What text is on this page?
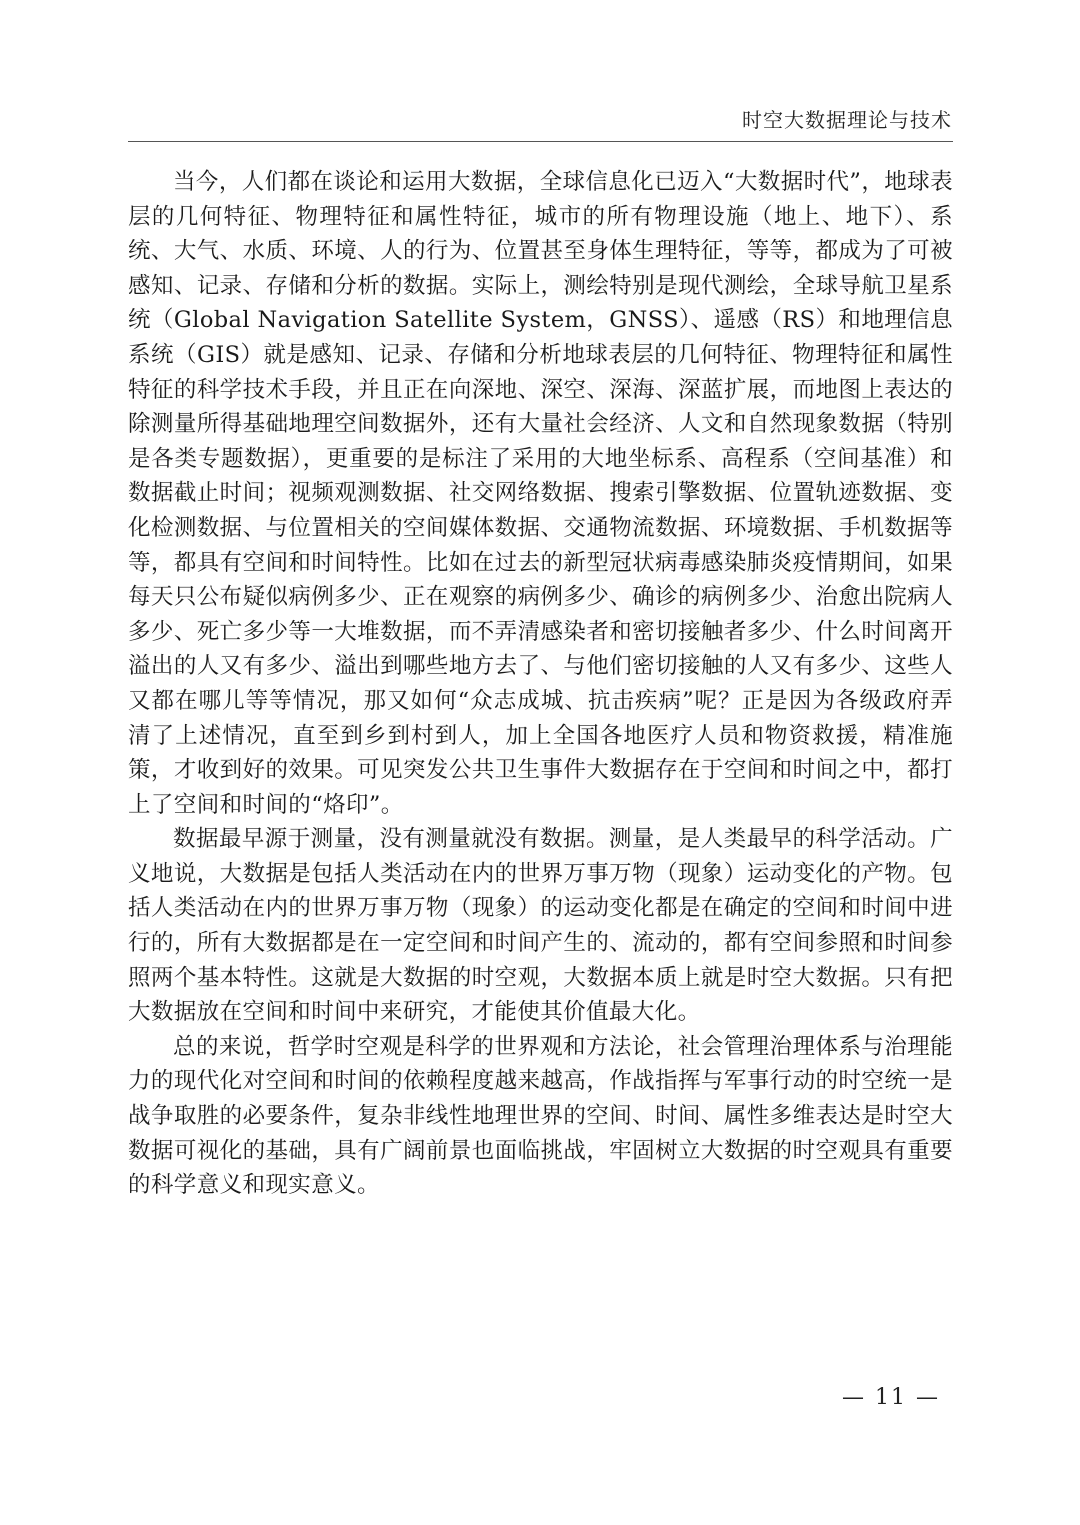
时空大数据理论与技术

当今，人们都在谈论和运用大数据，全球信息化已迈入“大数据时代”，地球表层的几何特征、物理特征和属性特征，城市的所有物理设施（地上、地下）、系统、大气、水质、环境、人的行为、位置甚至身体生理特征，等等，都成为了可被感知、记录、存储和分析的数据。实际上，测绘特别是现代测绘，全球导航卫星系统（Global Navigation Satellite System，GNSS）、遥感（RS）和地理信息系统（GIS）就是感知、记录、存储和分析地球表层的几何特征、物理特征和属性特征的科学技术手段，并且正在向深地、深空、深海、深蓝扩展，而地图上表达的除测量所得基础地理空间数据外，还有大量社会经济、人文和自然现象数据（特别是各类专题数据），更重要的是标注了采用的大地坐标系、高程系（空间基准）和数据截止时间；视频观测数据、社交网络数据、搜索引擎数据、位置轨迹数据、变化检测数据、与位置相关的空间媒体数据、交通物流数据、环境数据、手机数据等等，都具有空间和时间特性。比如在过去的新型冠状病毒感染肺炎疫情期间，如果每天只公布疑似病例多少、正在观察的病例多少、确诊的病例多少、治愈出院病人多少、死亡多少等一大堆数据，而不弄清感染者和密切接触者多少、什么时间离开溢出的人又有多少、溢出到哪些地方去了、与他们密切接触的人又有多少、这些人又都在哪儿等等情况，那又如何“众志成城、抗击疾病”呢？正是因为各级政府弄清了上述情况，直至到乡到村到人，加上全国各地医疗人员和物资救援，精准施策，才收到好的效果。可见突发公共卫生事件大数据存在于空间和时间之中，都打上了空间和时间的“烙印”。

数据最早源于测量，没有测量就没有数据。测量，是人类最早的科学活动。广义地说，大数据是包括人类活动在内的世界万事万物（现象）运动变化的产物。包括人类活动在内的世界万事万物（现象）的运动变化都是在确定的空间和时间中进行的，所有大数据都是在一定空间和时间产生的、流动的，都有空间参照和时间参照两个基本特性。这就是大数据的时空观，大数据本质上就是时空大数据。只有把大数据放在空间和时间中来研究，才能使其价值最大化。

总的来说，哲学时空观是科学的世界观和方法论，社会管理治理体系与治理能力的现代化对空间和时间的依赖程度越来越高，作战指挥与军事行动的时空统一是战争取胜的必要条件，复杂非线性地理世界的空间、时间、属性多维表达是时空大数据可视化的基础，具有广阔前景也面临挑战，牢固树立大数据的时空观具有重要的科学意义和现实意义。

— 11 —
